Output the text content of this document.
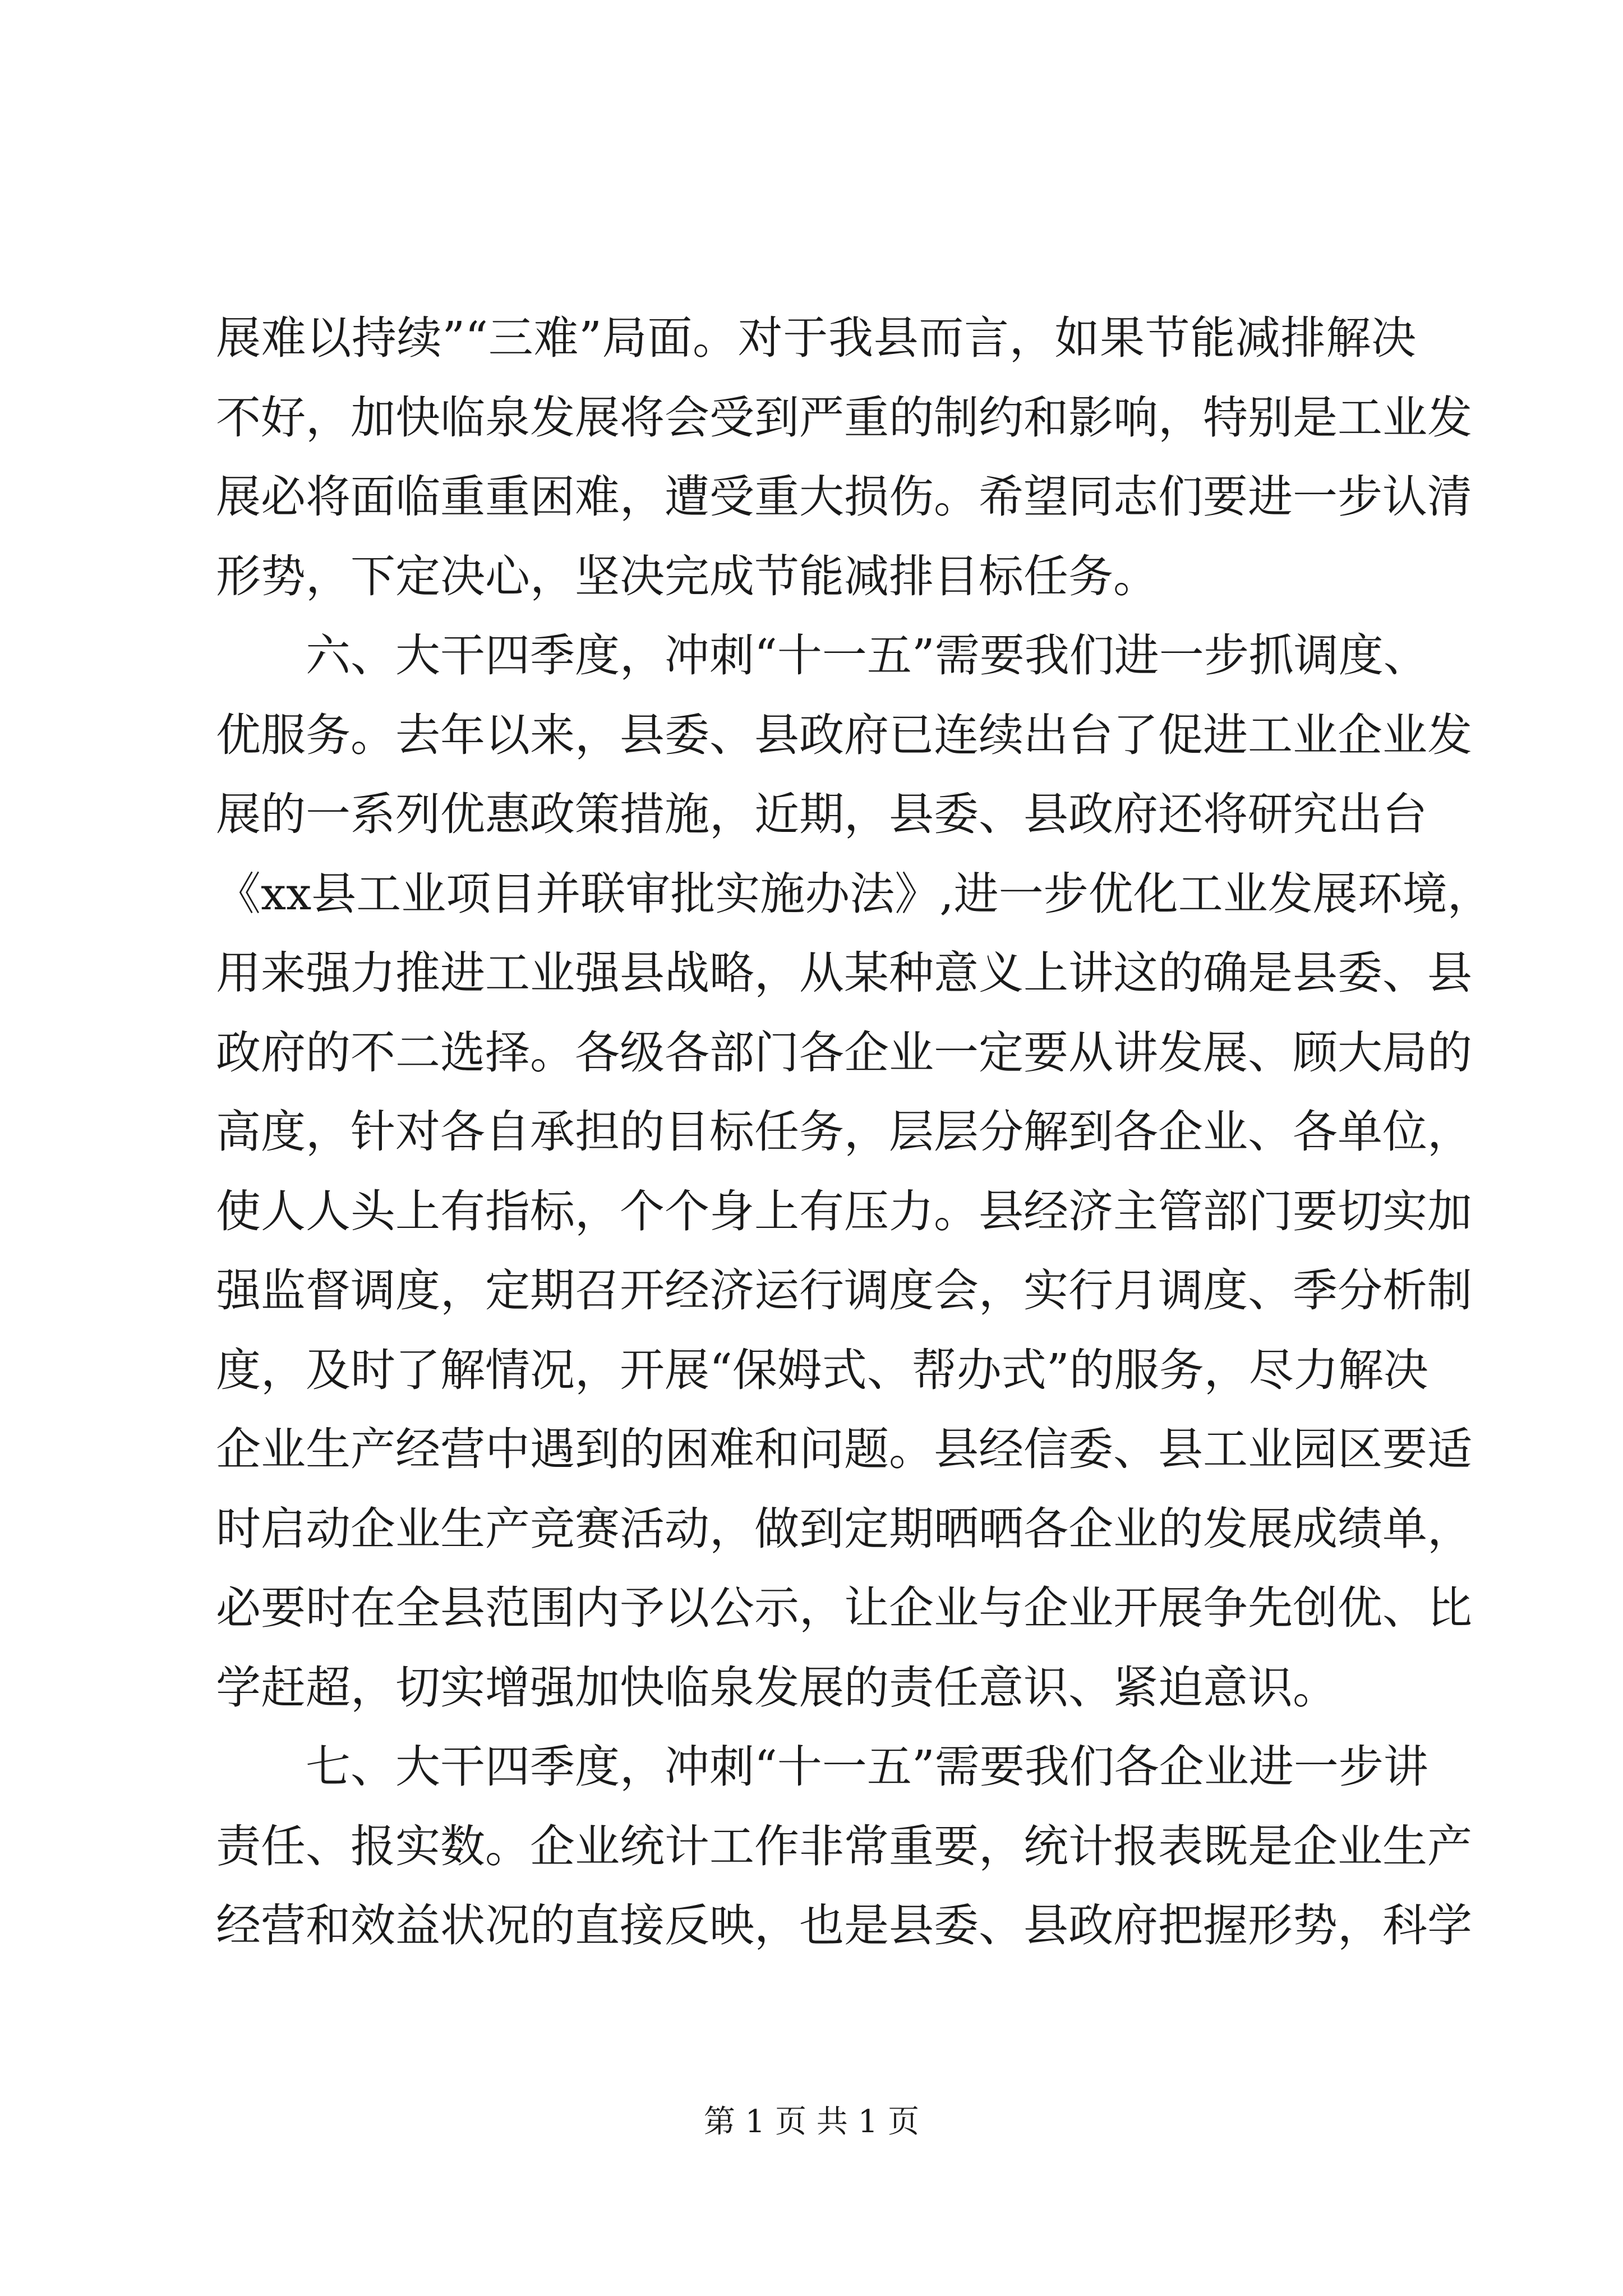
展难以持续”“三难”局面。对于我县而言，如果节能减排解决
不好，加快临泉发展将会受到严重的制约和影响，特别是工业发
展必将面临重重困难，遭受重大损伤。希望同志们要进一步认清
形势，下定决心，坚决完成节能减排目标任务。
六、大干四季度，冲刺“十一五”需要我们进一步抓调度、
优服务。去年以来，县委、县政府已连续出台了促进工业企业发
展的一系列优惠政策措施，近期，县委、县政府还将研究出台
《xx县工业项目并联审批实施办法》,进一步优化工业发展环境，
用来强力推进工业强县战略，从某种意义上讲这的确是县委、县
政府的不二选择。各级各部门各企业一定要从讲发展、顾大局的
高度，针对各自承担的目标任务，层层分解到各企业、各单位，
使人人头上有指标，个个身上有压力。县经济主管部门要切实加
强监督调度，定期召开经济运行调度会，实行月调度、季分析制
度，及时了解情况，开展“保姆式、帮办式”的服务，尽力解决
企业生产经营中遇到的困难和问题。县经信委、县工业园区要适
时启动企业生产竞赛活动，做到定期晒晒各企业的发展成绩单，
必要时在全县范围内予以公示，让企业与企业开展争先创优、比
学赶超，切实增强加快临泉发展的责任意识、紧迫意识。
七、大干四季度，冲刺“十一五”需要我们各企业进一步讲
责任、报实数。企业统计工作非常重要，统计报表既是企业生产
经营和效益状况的直接反映，也是县委、县政府把握形势，科学
第 1 页 共 1 页
